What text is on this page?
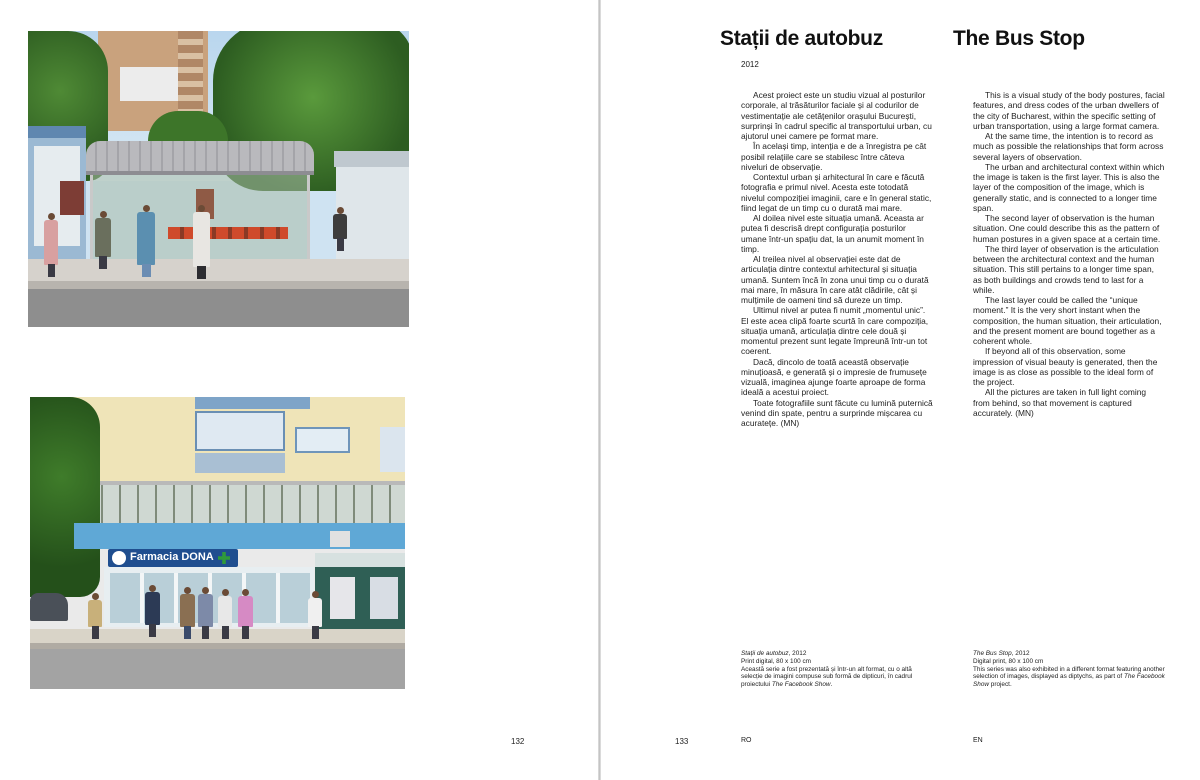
Farmacia DONA
132
Stații de autobuz	The Bus Stop
2012

Acest proiect este un studiu vizual al posturilor corporale, al trăsăturilor faciale și al codurilor de vestimentație ale cetățenilor orașului București, surprinși în cadrul specific al transportului urban, cu ajutorul unei camere pe format mare.

În același timp, intenția e de a înregistra pe cât posibil relațiile care se stabilesc între câteva niveluri de observație.

Contextul urban și arhitectural în care e făcută fotografia e primul nivel. Acesta este totodată nivelul compoziției imaginii, care e în general static, fiind legat de un timp cu o durată mai mare.

Al doilea nivel este situația umană. Aceasta ar putea fi descrisă drept configurația posturilor umane într-un spațiu dat, la un anumit moment în timp.

Al treilea nivel al observației este dat de articulația dintre contextul arhitectural și situația umană. Suntem încă în zona unui timp cu o durată mai mare, în măsura în care atât clădirile, cât și mulțimile de oameni tind să dureze un timp.

Ultimul nivel ar putea fi numit „momentul unic”. El este acea clipă foarte scurtă în care compoziția, situația umană, articulația dintre cele două și momentul prezent sunt legate împreună într-un tot coerent.

Dacă, dincolo de toată această observație minuțioasă, e generată și o impresie de frumusețe vizuală, imaginea ajunge foarte aproape de forma ideală a acestui proiect.

Toate fotografiile sunt făcute cu lumină puternică venind din spate, pentru a surprinde mișcarea cu acuratețe. (MN)

This is a visual study of the body postures, facial features, and dress codes of the urban dwellers of the city of Bucharest, within the specific setting of urban transportation, using a large format camera.

At the same time, the intention is to record as much as possible the relationships that form across several layers of observation.

The urban and architectural context within which the image is taken is the first layer. This is also the layer of the composition of the image, which is generally static, and is connected to a longer time span.

The second layer of observation is the human situation. One could describe this as the pattern of human postures in a given space at a certain time.

The third layer of observation is the articulation between the architectural context and the human situation. This still pertains to a longer time span, as both buildings and crowds tend to last for a while.

The last layer could be called the “unique moment.” It is the very short instant when the composition, the human situation, their articulation, and the present moment are bound together as a coherent whole.

If beyond all of this observation, some impression of visual beauty is generated, then the image is as close as possible to the ideal form of the project.

All the pictures are taken in full light coming from behind, so that movement is captured accurately. (MN)

Stații de autobuz, 2012
Print digital, 80 x 100 cm
Această serie a fost prezentată și într-un alt format, cu o altă selecție de imagini compuse sub formă de dipticuri, în cadrul proiectului The Facebook Show.
The Bus Stop, 2012
Digital print, 80 x 100 cm
This series was also exhibited in a different format featuring another selection of images, displayed as diptychs, as part of The Facebook Show project.
133	RO	EN
